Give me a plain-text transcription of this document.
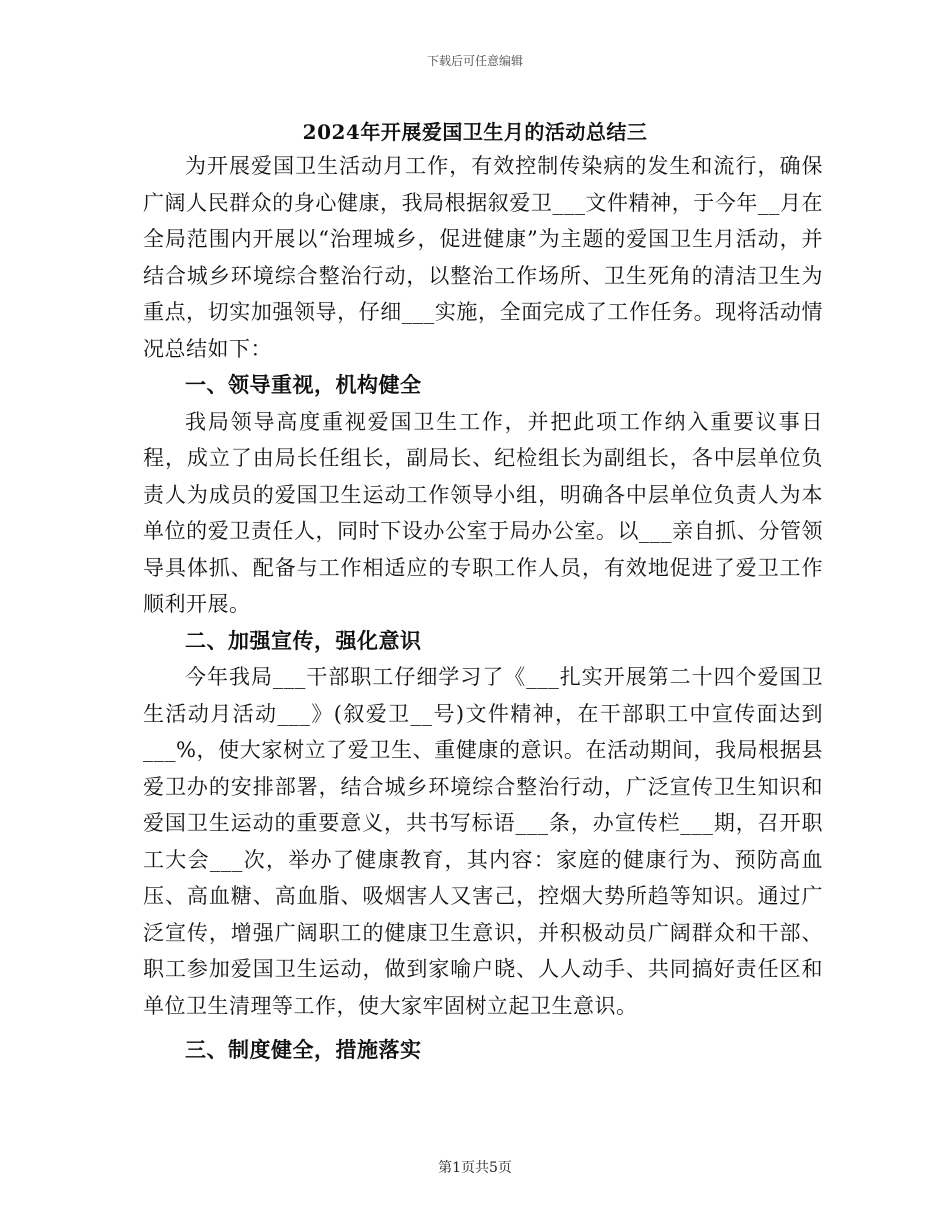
下载后可任意编辑
2024年开展爱国卫生月的活动总结三

为开展爱国卫生活动月工作，有效控制传染病的发生和流行，确保广阔人民群众的身心健康，我局根据叙爱卫___文件精神，于今年__月在全局范围内开展以“治理城乡，促进健康”为主题的爱国卫生月活动，并结合城乡环境综合整治行动，以整治工作场所、卫生死角的清洁卫生为重点，切实加强领导，仔细___实施，全面完成了工作任务。现将活动情况总结如下：

一、领导重视，机构健全

我局领导高度重视爱国卫生工作，并把此项工作纳入重要议事日程，成立了由局长任组长，副局长、纪检组长为副组长，各中层单位负责人为成员的爱国卫生运动工作领导小组，明确各中层单位负责人为本单位的爱卫责任人，同时下设办公室于局办公室。以___亲自抓、分管领导具体抓、配备与工作相适应的专职工作人员，有效地促进了爱卫工作顺利开展。

二、加强宣传，强化意识

今年我局___干部职工仔细学习了《___扎实开展第二十四个爱国卫生活动月活动___》(叙爱卫__号)文件精神，在干部职工中宣传面达到___%，使大家树立了爱卫生、重健康的意识。在活动期间，我局根据县爱卫办的安排部署，结合城乡环境综合整治行动，广泛宣传卫生知识和爱国卫生运动的重要意义，共书写标语___条，办宣传栏___期，召开职工大会___次，举办了健康教育，其内容：家庭的健康行为、预防高血压、高血糖、高血脂、吸烟害人又害己，控烟大势所趋等知识。通过广泛宣传，增强广阔职工的健康卫生意识，并积极动员广阔群众和干部、职工参加爱国卫生运动，做到家喻户晓、人人动手、共同搞好责任区和单位卫生清理等工作，使大家牢固树立起卫生意识。

三、制度健全，措施落实
第1页共5页
